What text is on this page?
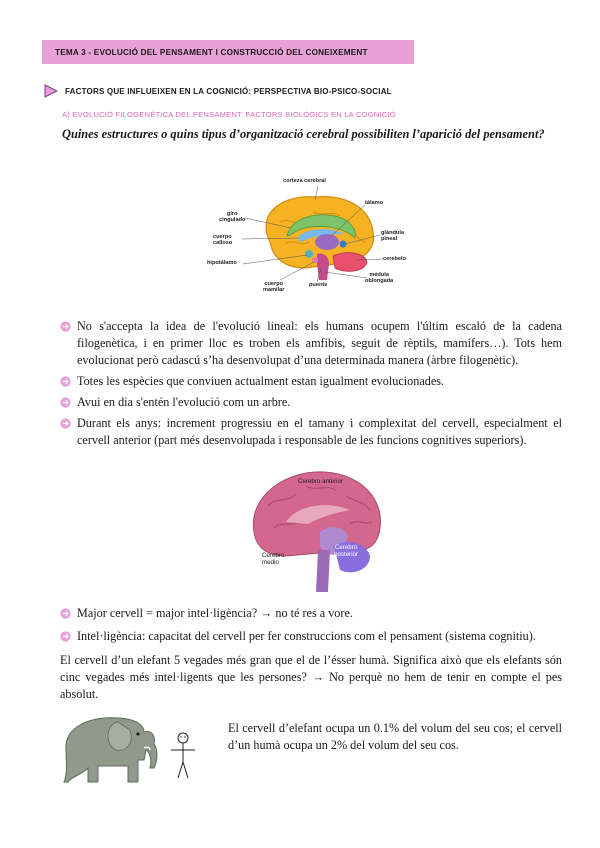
TEMA 3 - EVOLUCIÓ DEL PENSAMENT I CONSTRUCCIÓ DEL CONEIXEMENT
FACTORS QUE INFLUEIXEN EN LA COGNICIÓ: PERSPECTIVA BIO-PSICO-SOCIAL
A) EVOLUCIÓ FILOGENÈTICA DEL PENSAMENT: FACTORS BIOLÒGICS EN LA COGNICIÓ
Quines estructures o quins tipus d’organització cerebral possibiliten l’aparició del pensament?
corteza cerebral
tálamo
giro
cingulado
glándula
pineal
cuerpo
calloso
cerebelo
hipotálamo
médula
oblongada
cuerpo
mamilar
puente
No s'accepta la idea de l'evolució lineal: els humans ocupem l'últim escaló de la cadena filogenètica, i en primer lloc es troben els amfibis, seguit de rèptils, mamífers…). Tots hem evolucionat però cadascú s’ha desenvolupat d’una determinada manera (àrbre filogenètic).
Totes les espècies que conviuen actualment estan igualment evolucionades.
Avui en dia s'entén l'evolució com un arbre.
Durant els anys: increment progressiu en el tamany i complexitat del cervell, especialment el cervell anterior (part més desenvolupada i responsable de les funcions cognitives superiors).
Cerebro anterior
Cerebro
medio
Cerebro
posterior
Major cervell = major intel·ligència? → no té res a vore.
Intel·ligència: capacitat del cervell per fer construccions com el pensament (sistema cognitiu).
El cervell d’un elefant 5 vegades més gran que el de l’ésser humà. Significa això que els elefants són cinc vegades més intel·ligents que les persones? → No perquè no hem de tenir en compte el pes absolut.
El cervell d’elefant ocupa un 0.1% del volum del seu cos; el cervell d’un humà ocupa un 2% del volum del seu cos.
